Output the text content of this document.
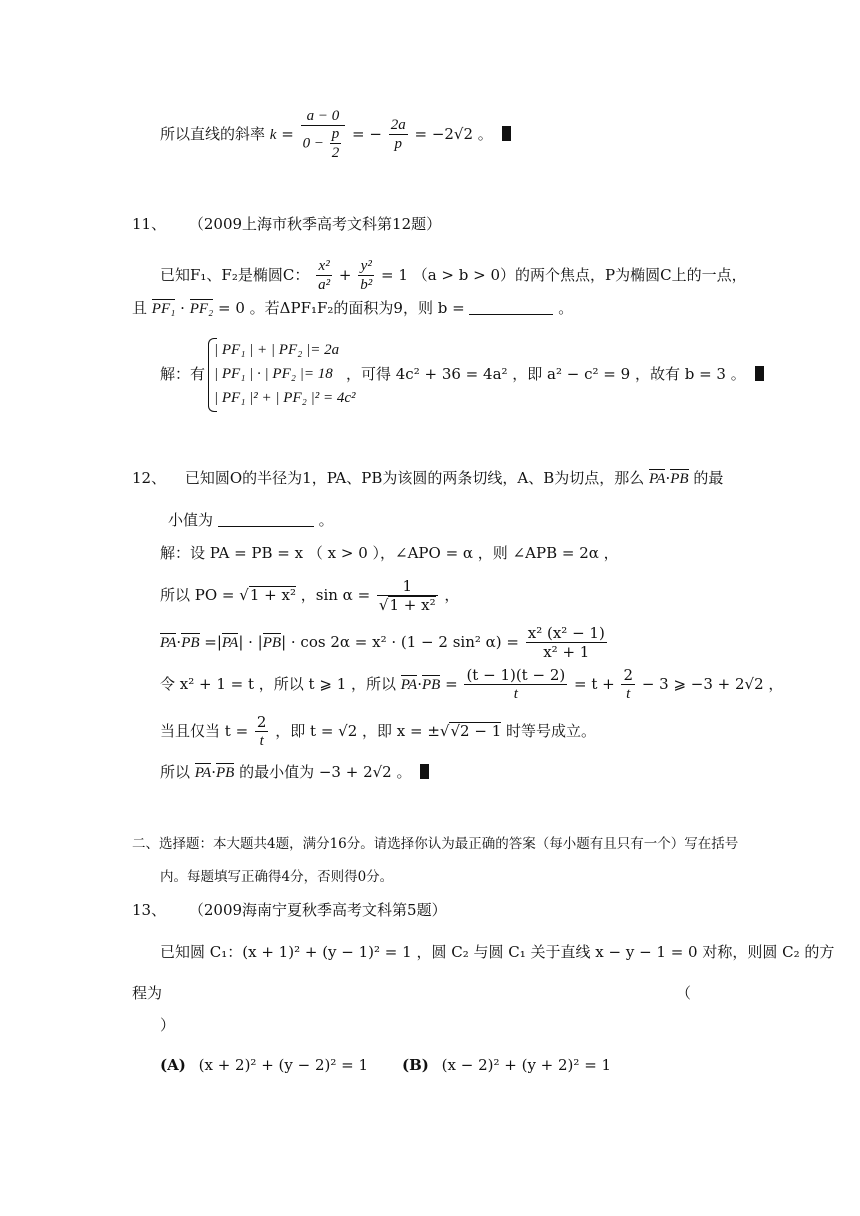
所以直线的斜率 $k = \frac{a - 0}{0 - \frac{p}{2}}$ = − $\frac{2a}{p} = -2√2$ 。
11、 （2009上海市秋季高考文科第12题）
已知F₁、F₂是椭圆C： $\frac{\text{x²}}{\text{a²}} + \frac{\text{y²}}{\text{b²}} = 1$ （a > b > 0）的两个焦点，P为椭圆C上的一点，
且 PF₁ · PF₂ = 0 。若ΔPF₁F₂的面积为9，则 b =	。
解：有
| PF₁ | + | PF₂ |= 2a
| PF₁ | · | PF₂ |= 18
| PF₁ |² + | PF₂ |² = 4c²
，可得 4c² + 36 = 4a² ，即 a² − c² = 9 ，故有 b = 3 。
12、 已知圆O的半径为1，PA、PB为该圆的两条切线，A、B为切点，那么 PA·PB 的最
小值为	。
解：设 PA = PB = x （ x > 0 ），∠APO = α ，则 ∠APB = 2α ，
所以 PO = √1 + x² ，$\sin \alpha = \frac{1}{\text{√1 + x²}}$ ，
PA·PB =|PA| · |PB| · cos 2α = x² · (1 − 2 sin² $\alpha) = \frac{\text{x² (x² − 1)}}{\text{x² + 1}}$
令 x² + 1 = t ，所以 t ⩾ 1 ，所以 $PA\cdot PB = \frac{(t - 1)(t - 2)}{t} = t + \frac{2}{t} - 3$ ⩾ −3 + 2√2 ，
当且仅当 $t = \frac{2}{t}$ ，即 t = √2 ，即 x = ±√√2 − 1 时等号成立。
所以 PA·PB 的最小值为 −3 + 2√2 。
二、选择题：本大题共4题，满分16分。请选择你认为最正确的答案（每小题有且只有一个）写在括号
内。每题填写正确得4分，否则得0分。
13、 （2009海南宁夏秋季高考文科第5题）
已知圆 C₁：(x + 1)² + (y − 1)² = 1 ，圆 C₂ 与圆 C₁ 关于直线 x − y − 1 = 0 对称，则圆 C₂ 的方
程为	（
）
(A) (x + 2)² + (y − 2)² = 1 (B) (x − 2)² + (y + 2)² = 1
